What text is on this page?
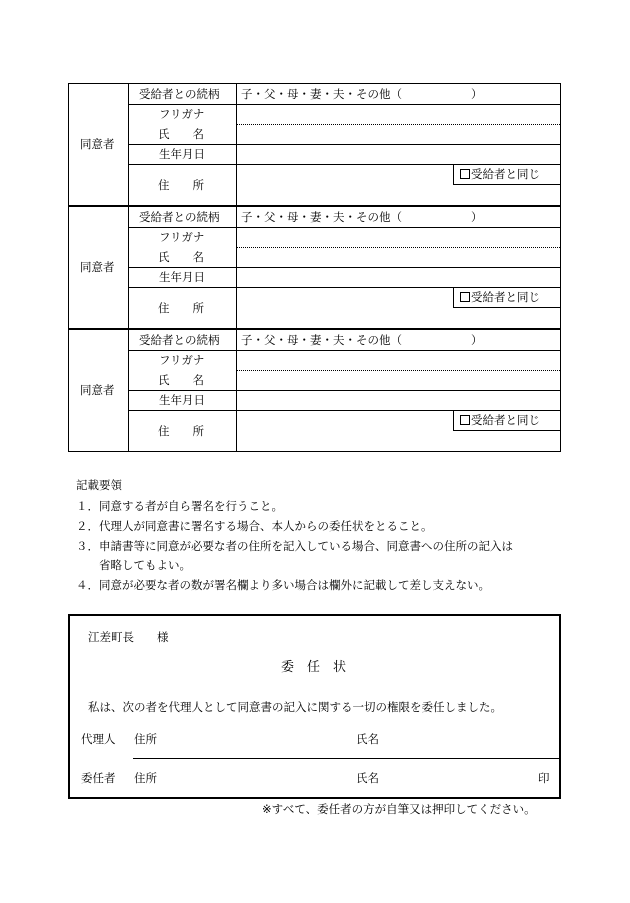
同意者
受給者との続柄 子・父・母・妻・夫・その他（　　　　　　）
フリガナ
氏　　名
生年月日
住　　所
受給者と同じ
同意者
受給者との続柄 子・父・母・妻・夫・その他（　　　　　　）
フリガナ
氏　　名
生年月日
住　　所
受給者と同じ
同意者
受給者との続柄 子・父・母・妻・夫・その他（　　　　　　）
フリガナ
氏　　名
生年月日
住　　所
受給者と同じ
記載要領
１．同意する者が自ら署名を行うこと。
２．代理人が同意書に署名する場合、本人からの委任状をとること。
３．申請書等に同意が必要な者の住所を記入している場合、同意書への住所の記入は
　　省略してもよい。
４．同意が必要な者の数が署名欄より多い場合は欄外に記載して差し支えない。
江差町長　　様
委　任　状
私は、次の者を代理人として同意書の記入に関する一切の権限を委任しました。
代理人 住所	氏名
委任者 住所	氏名	印
※すべて、委任者の方が自筆又は押印してください。
